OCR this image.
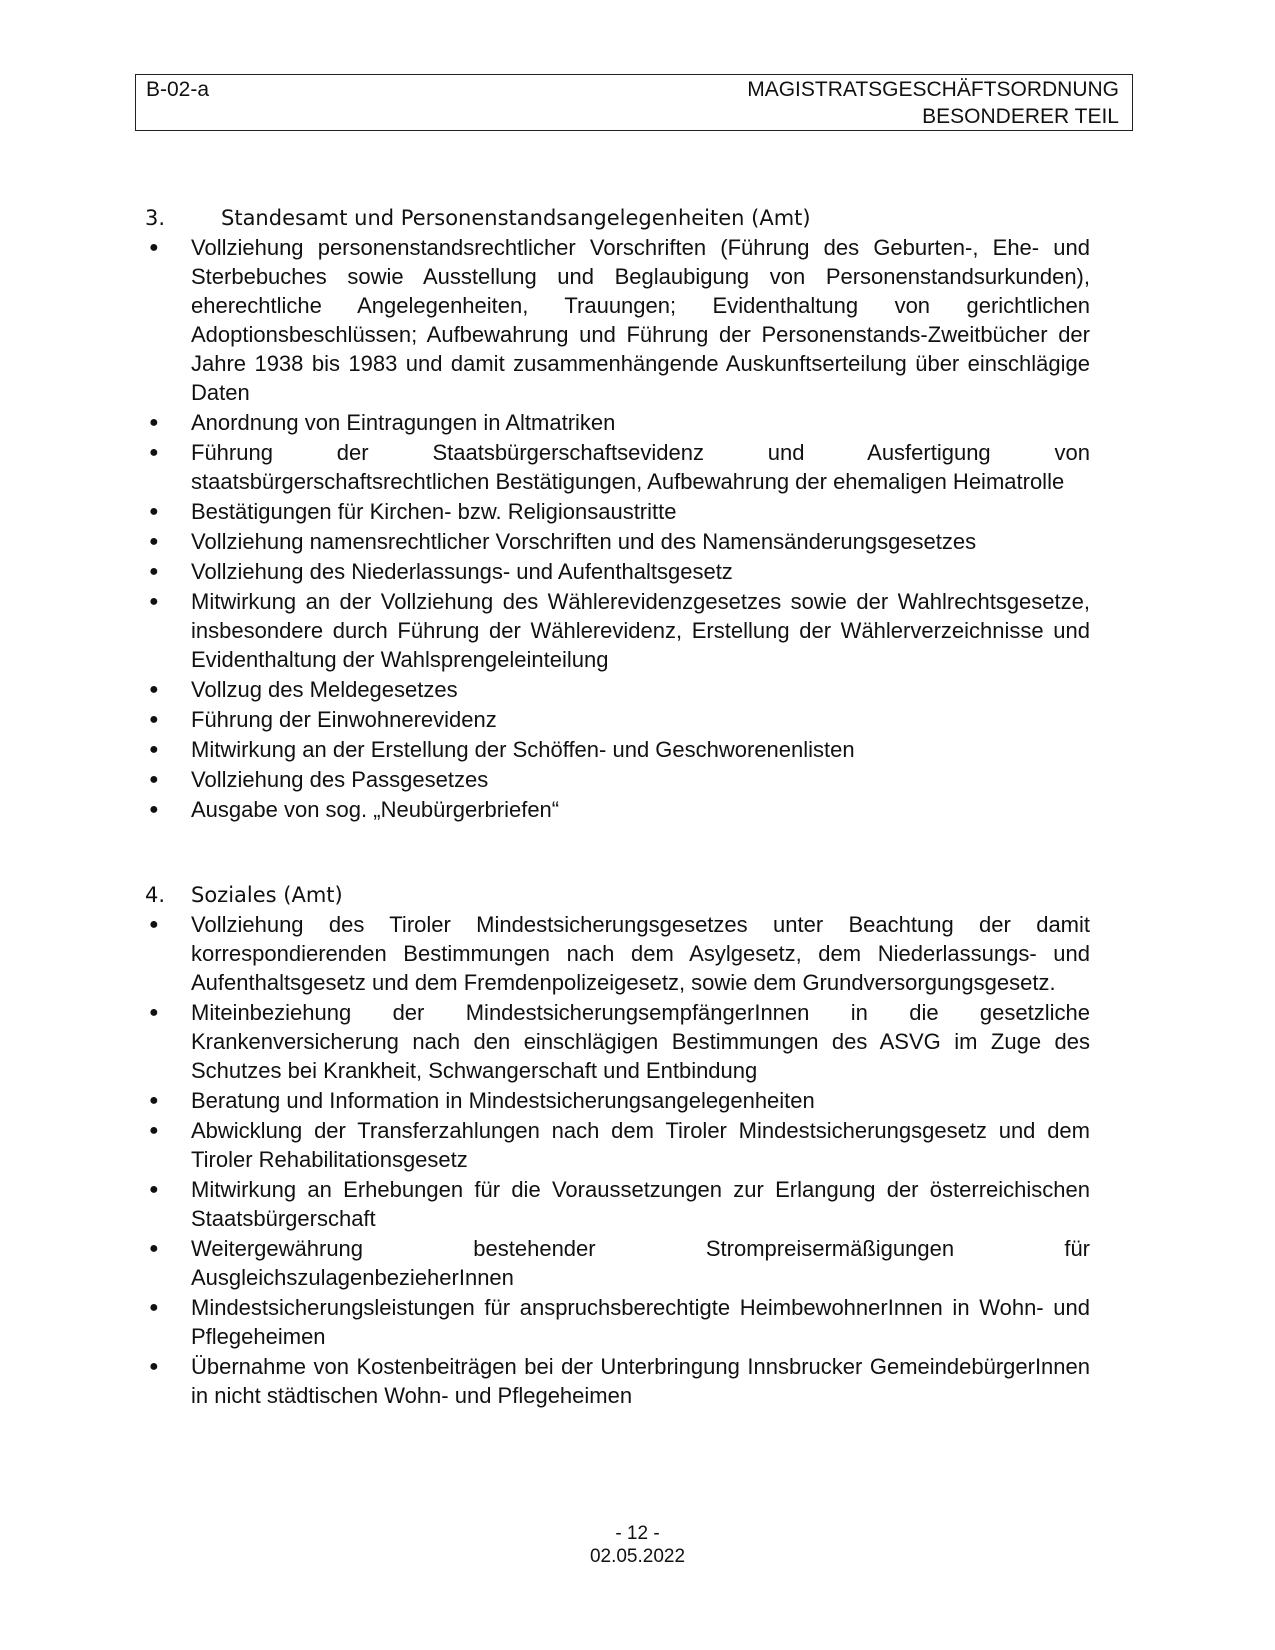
B-02-a	MAGISTRATSGESCHÄFTSORDNUNG
BESONDERER TEIL
3.	Standesamt und Personenstandsangelegenheiten (Amt)
● Vollziehung personenstandsrechtlicher Vorschriften (Führung des Geburten-, Ehe- und Sterbebuches sowie Ausstellung und Beglaubigung von Personenstandsurkunden), eherechtliche Angelegenheiten, Trauungen; Evidenthaltung von gerichtlichen Adoptionsbeschlüssen; Aufbewahrung und Führung der Personenstands-Zweitbücher der Jahre 1938 bis 1983 und damit zusammenhängende Auskunftserteilung über einschlägige Daten
● Anordnung von Eintragungen in Altmatriken
● Führung der Staatsbürgerschaftsevidenz und Ausfertigung von staatsbürgerschaftsrechtlichen Bestätigungen, Aufbewahrung der ehemaligen Heimatrolle
● Bestätigungen für Kirchen- bzw. Religionsaustritte
● Vollziehung namensrechtlicher Vorschriften und des Namensänderungsgesetzes
● Vollziehung des Niederlassungs- und Aufenthaltsgesetz
● Mitwirkung an der Vollziehung des Wählerevidenzgesetzes sowie der Wahlrechtsgesetze, insbesondere durch Führung der Wählerevidenz, Erstellung der Wählerverzeichnisse und Evidenthaltung der Wahlsprengeleinteilung
● Vollzug des Meldegesetzes
● Führung der Einwohnerevidenz
● Mitwirkung an der Erstellung der Schöffen- und Geschworenenlisten
● Vollziehung des Passgesetzes
● Ausgabe von sog. „Neubürgerbriefen“
4. Soziales (Amt)
● Vollziehung des Tiroler Mindestsicherungsgesetzes unter Beachtung der damit korrespondierenden Bestimmungen nach dem Asylgesetz, dem Niederlassungs- und Aufenthaltsgesetz und dem Fremdenpolizeigesetz, sowie dem Grundversorgungsgesetz.
● Miteinbeziehung der MindestsicherungsempfängerInnen in die gesetzliche Krankenversicherung nach den einschlägigen Bestimmungen des ASVG im Zuge des Schutzes bei Krankheit, Schwangerschaft und Entbindung
● Beratung und Information in Mindestsicherungsangelegenheiten
● Abwicklung der Transferzahlungen nach dem Tiroler Mindestsicherungsgesetz und dem Tiroler Rehabilitationsgesetz
● Mitwirkung an Erhebungen für die Voraussetzungen zur Erlangung der österreichischen Staatsbürgerschaft
● Weitergewährung bestehender Strompreisermäßigungen für AusgleichszulagenbezieherInnen
● Mindestsicherungsleistungen für anspruchsberechtigte HeimbewohnerInnen in Wohn- und Pflegeheimen
● Übernahme von Kostenbeiträgen bei der Unterbringung Innsbrucker GemeindebürgerInnen in nicht städtischen Wohn- und Pflegeheimen
- 12 -
02.05.2022
